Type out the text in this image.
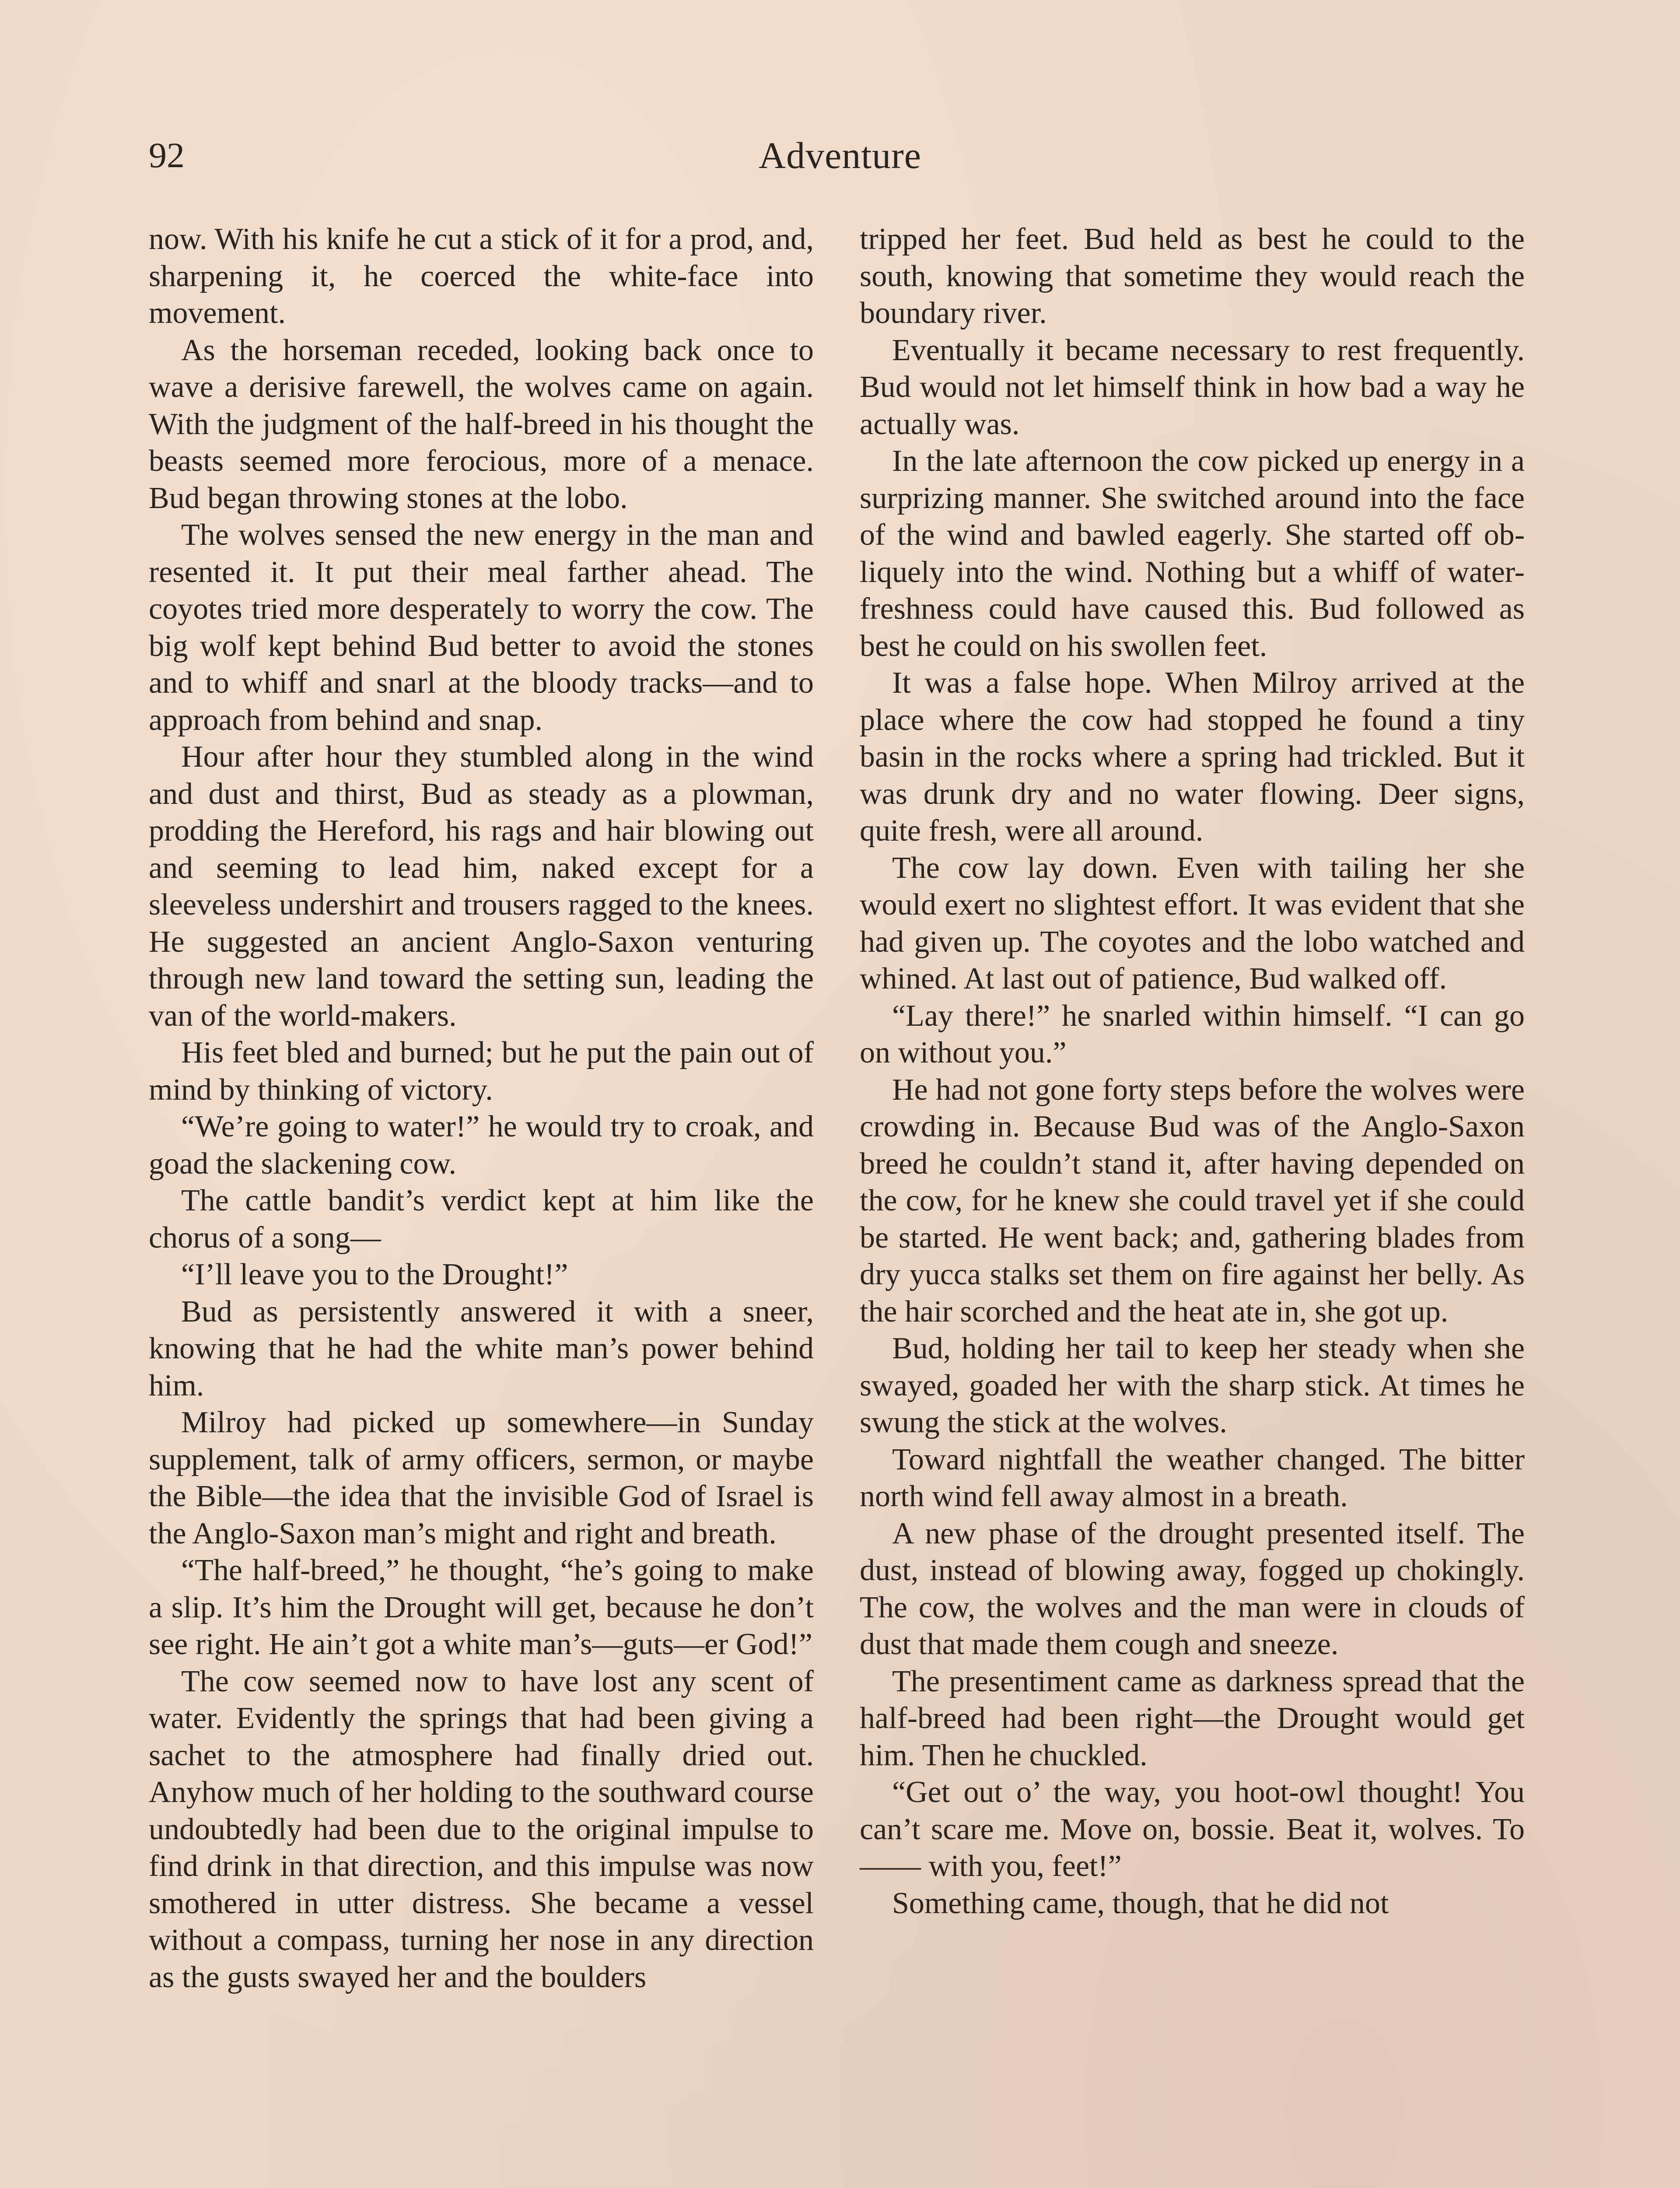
92	Adventure

now. With his knife he cut a stick of it for a prod, and, sharpening it, he coerced the white-face into movement.

As the horseman receded, looking back once to wave a derisive farewell, the wolves came on again. With the judgment of the half-breed in his thought the beasts seemed more ferocious, more of a menace. Bud began throwing stones at the lobo.

The wolves sensed the new energy in the man and resented it. It put their meal farther ahead. The coyotes tried more desperately to worry the cow. The big wolf kept behind Bud better to avoid the stones and to whiff and snarl at the bloody tracks—and to approach from behind and snap.

Hour after hour they stumbled along in the wind and dust and thirst, Bud as steady as a plowman, prodding the Hereford, his rags and hair blowing out and seeming to lead him, naked except for a sleeveless undershirt and trousers ragged to the knees. He suggested an ancient Anglo-Saxon venturing through new land toward the setting sun, leading the van of the world-makers.

His feet bled and burned; but he put the pain out of mind by thinking of victory.

“We’re going to water!” he would try to croak, and goad the slackening cow.

The cattle bandit’s verdict kept at him like the chorus of a song—

“I’ll leave you to the Drought!”

Bud as persistently answered it with a sneer, knowing that he had the white man’s power behind him.

Milroy had picked up somewhere—in Sunday supplement, talk of army officers, sermon, or maybe the Bible—the idea that the invisible God of Israel is the Anglo-Saxon man’s might and right and breath.

“The half-breed,” he thought, “he’s going to make a slip. It’s him the Drought will get, because he don’t see right. He ain’t got a white man’s—guts—er God!”

The cow seemed now to have lost any scent of water. Evidently the springs that had been giving a sachet to the atmosphere had finally dried out. Anyhow much of her holding to the southward course undoubtedly had been due to the original impulse to find drink in that direction, and this impulse was now smothered in utter distress. She became a vessel without a compass, turning her nose in any direction as the gusts swayed her and the boulders

tripped her feet. Bud held as best he could to the south, knowing that sometime they would reach the boundary river.

Eventually it became necessary to rest frequently. Bud would not let himself think in how bad a way he actually was.

In the late afternoon the cow picked up energy in a surprizing manner. She switched around into the face of the wind and bawled eagerly. She started off obliquely into the wind. Nothing but a whiff of water-freshness could have caused this. Bud followed as best he could on his swollen feet.

It was a false hope. When Milroy arrived at the place where the cow had stopped he found a tiny basin in the rocks where a spring had trickled. But it was drunk dry and no water flowing. Deer signs, quite fresh, were all around.

The cow lay down. Even with tailing her she would exert no slightest effort. It was evident that she had given up. The coyotes and the lobo watched and whined. At last out of patience, Bud walked off.

“Lay there!” he snarled within himself. “I can go on without you.”

He had not gone forty steps before the wolves were crowding in. Because Bud was of the Anglo-Saxon breed he couldn’t stand it, after having depended on the cow, for he knew she could travel yet if she could be started. He went back; and, gathering blades from dry yucca stalks set them on fire against her belly. As the hair scorched and the heat ate in, she got up.

Bud, holding her tail to keep her steady when she swayed, goaded her with the sharp stick. At times he swung the stick at the wolves.

Toward nightfall the weather changed. The bitter north wind fell away almost in a breath.

A new phase of the drought presented itself. The dust, instead of blowing away, fogged up chokingly. The cow, the wolves and the man were in clouds of dust that made them cough and sneeze.

The presentiment came as darkness spread that the half-breed had been right—the Drought would get him. Then he chuckled.

“Get out o’ the way, you hoot-owl thought! You can’t scare me. Move on, bossie. Beat it, wolves. To —— with you, feet!”

Something came, though, that he did not
